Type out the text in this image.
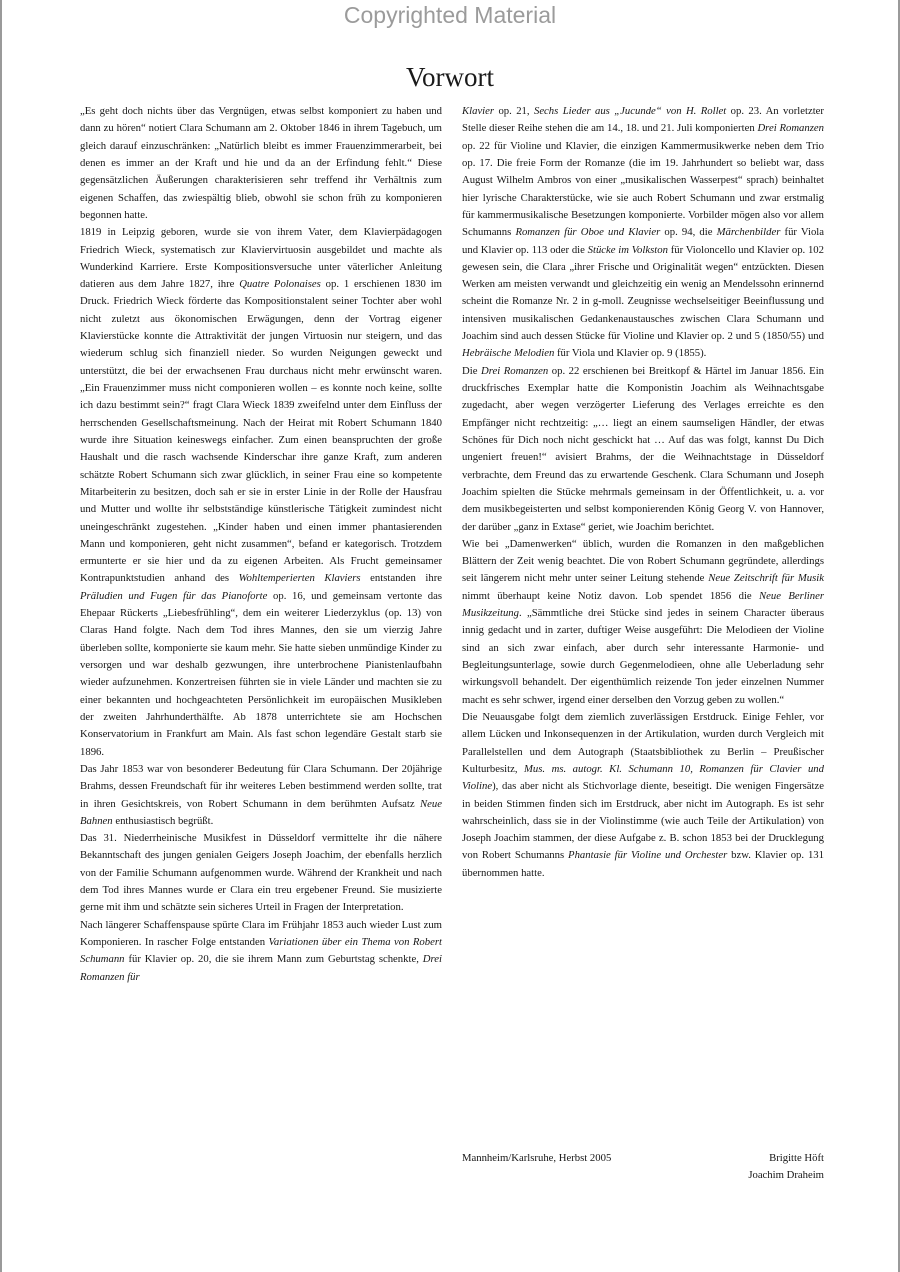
Copyrighted Material
Vorwort

„Es geht doch nichts über das Vergnügen, etwas selbst komponiert zu haben und dann zu hören“ notiert Clara Schumann am 2. Oktober 1846 in ihrem Tagebuch, um gleich darauf einzuschränken: „Natürlich bleibt es immer Frauenzimmerarbeit, bei denen es immer an der Kraft und hie und da an der Erfindung fehlt.“ Diese gegensätzlichen Äußerungen charakterisieren sehr treffend ihr Verhältnis zum eigenen Schaffen, das zwiespältig blieb, obwohl sie schon früh zu komponieren begonnen hatte.

1819 in Leipzig geboren, wurde sie von ihrem Vater, dem Klavierpädagogen Friedrich Wieck, systematisch zur Klaviervirtuosin ausgebildet und machte als Wunderkind Karriere. Erste Kompositionsversuche unter väterlicher Anleitung datieren aus dem Jahre 1827, ihre Quatre Polonaises op. 1 erschienen 1830 im Druck. Friedrich Wieck förderte das Kompositionstalent seiner Tochter aber wohl nicht zuletzt aus ökonomischen Erwägungen, denn der Vortrag eigener Klavierstücke konnte die Attraktivität der jungen Virtuosin nur steigern, und das wiederum schlug sich finanziell nieder. So wurden Neigungen geweckt und unterstützt, die bei der erwachsenen Frau durchaus nicht mehr erwünscht waren. „Ein Frauenzimmer muss nicht componieren wollen – es konnte noch keine, sollte ich dazu bestimmt sein?“ fragt Clara Wieck 1839 zweifelnd unter dem Einfluss der herrschenden Gesellschaftsmeinung. Nach der Heirat mit Robert Schumann 1840 wurde ihre Situation keineswegs einfacher. Zum einen beanspruchten der große Haushalt und die rasch wachsende Kinderschar ihre ganze Kraft, zum anderen schätzte Robert Schumann sich zwar glücklich, in seiner Frau eine so kompetente Mitarbeiterin zu besitzen, doch sah er sie in erster Linie in der Rolle der Hausfrau und Mutter und wollte ihr selbstständige künstlerische Tätigkeit zumindest nicht uneingeschränkt zugestehen. „Kinder haben und einen immer phantasierenden Mann und komponieren, geht nicht zusammen“, befand er kategorisch. Trotzdem ermunterte er sie hier und da zu eigenen Arbeiten. Als Frucht gemeinsamer Kontrapunktstudien anhand des Wohltemperierten Klaviers entstanden ihre Präludien und Fugen für das Pianoforte op. 16, und gemeinsam vertonte das Ehepaar Rückerts „Liebesfrühling“, dem ein weiterer Liederzyklus (op. 13) von Claras Hand folgte. Nach dem Tod ihres Mannes, den sie um vierzig Jahre überleben sollte, komponierte sie kaum mehr. Sie hatte sieben unmündige Kinder zu versorgen und war deshalb gezwungen, ihre unterbrochene Pianistenlaufbahn wieder aufzunehmen. Konzertreisen führten sie in viele Länder und machten sie zu einer bekannten und hochgeachteten Persönlichkeit im europäischen Musikleben der zweiten Jahrhunderthälfte. Ab 1878 unterrichtete sie am Hochschen Konservatorium in Frankfurt am Main. Als fast schon legendäre Gestalt starb sie 1896.

Das Jahr 1853 war von besonderer Bedeutung für Clara Schumann. Der 20jährige Brahms, dessen Freundschaft für ihr weiteres Leben bestimmend werden sollte, trat in ihren Gesichtskreis, von Robert Schumann in dem berühmten Aufsatz Neue Bahnen enthusiastisch begrüßt.

Das 31. Niederrheinische Musikfest in Düsseldorf vermittelte ihr die nähere Bekanntschaft des jungen genialen Geigers Joseph Joachim, der ebenfalls herzlich von der Familie Schumann aufgenommen wurde. Während der Krankheit und nach dem Tod ihres Mannes wurde er Clara ein treu ergebener Freund. Sie musizierte gerne mit ihm und schätzte sein sicheres Urteil in Fragen der Interpretation.

Nach längerer Schaffenspause spürte Clara im Frühjahr 1853 auch wieder Lust zum Komponieren. In rascher Folge entstanden Variationen über ein Thema von Robert Schumann für Klavier op. 20, die sie ihrem Mann zum Geburtstag schenkte, Drei Romanzen für

Klavier op. 21, Sechs Lieder aus „Jucunde“ von H. Rollet op. 23. An vorletzter Stelle dieser Reihe stehen die am 14., 18. und 21. Juli komponierten Drei Romanzen op. 22 für Violine und Klavier, die einzigen Kammermusikwerke neben dem Trio op. 17. Die freie Form der Romanze (die im 19. Jahrhundert so beliebt war, dass August Wilhelm Ambros von einer „musikalischen Wasserpest“ sprach) beinhaltet hier lyrische Charakterstücke, wie sie auch Robert Schumann und zwar erstmalig für kammermusikalische Besetzungen komponierte. Vorbilder mögen also vor allem Schumanns Romanzen für Oboe und Klavier op. 94, die Märchenbilder für Viola und Klavier op. 113 oder die Stücke im Volkston für Violoncello und Klavier op. 102 gewesen sein, die Clara „ihrer Frische und Originalität wegen“ entzückten. Diesen Werken am meisten verwandt und gleichzeitig ein wenig an Mendelssohn erinnernd scheint die Romanze Nr. 2 in g-moll. Zeugnisse wechselseitiger Beeinflussung und intensiven musikalischen Gedankenaustausches zwischen Clara Schumann und Joachim sind auch dessen Stücke für Violine und Klavier op. 2 und 5 (1850/55) und Hebräische Melodien für Viola und Klavier op. 9 (1855).

Die Drei Romanzen op. 22 erschienen bei Breitkopf & Härtel im Januar 1856. Ein druckfrisches Exemplar hatte die Komponistin Joachim als Weihnachtsgabe zugedacht, aber wegen verzögerter Lieferung des Verlages erreichte es den Empfänger nicht rechtzeitig: „… liegt an einem saumseligen Händler, der etwas Schönes für Dich noch nicht geschickt hat … Auf das was folgt, kannst Du Dich ungeniert freuen!“ avisiert Brahms, der die Weihnachtstage in Düsseldorf verbrachte, dem Freund das zu erwartende Geschenk. Clara Schumann und Joseph Joachim spielten die Stücke mehrmals gemeinsam in der Öffentlichkeit, u. a. vor dem musikbegeisterten und selbst komponierenden König Georg V. von Hannover, der darüber „ganz in Extase“ geriet, wie Joachim berichtet.

Wie bei „Damenwerken“ üblich, wurden die Romanzen in den maßgeblichen Blättern der Zeit wenig beachtet. Die von Robert Schumann gegründete, allerdings seit längerem nicht mehr unter seiner Leitung stehende Neue Zeitschrift für Musik nimmt überhaupt keine Notiz davon. Lob spendet 1856 die Neue Berliner Musikzeitung. „Sämmtliche drei Stücke sind jedes in seinem Character überaus innig gedacht und in zarter, duftiger Weise ausgeführt: Die Melodieen der Violine sind an sich zwar einfach, aber durch sehr interessante Harmonie- und Begleitungsunterlage, sowie durch Gegenmelodieen, ohne alle Ueberladung sehr wirkungsvoll behandelt. Der eigenthümlich reizende Ton jeder einzelnen Nummer macht es sehr schwer, irgend einer derselben den Vorzug geben zu wollen.“

Die Neuausgabe folgt dem ziemlich zuverlässigen Erstdruck. Einige Fehler, vor allem Lücken und Inkonsequenzen in der Artikulation, wurden durch Vergleich mit Parallelstellen und dem Autograph (Staatsbibliothek zu Berlin – Preußischer Kulturbesitz, Mus. ms. autogr. Kl. Schumann 10, Romanzen für Clavier und Violine), das aber nicht als Stichvorlage diente, beseitigt. Die wenigen Fingersätze in beiden Stimmen finden sich im Erstdruck, aber nicht im Autograph. Es ist sehr wahrscheinlich, dass sie in der Violinstimme (wie auch Teile der Artikulation) von Joseph Joachim stammen, der diese Aufgabe z. B. schon 1853 bei der Drucklegung von Robert Schumanns Phantasie für Violine und Orchester bzw. Klavier op. 131 übernommen hatte.

Mannheim/Karlsruhe, Herbst 2005	Brigitte Höft
Joachim Draheim
